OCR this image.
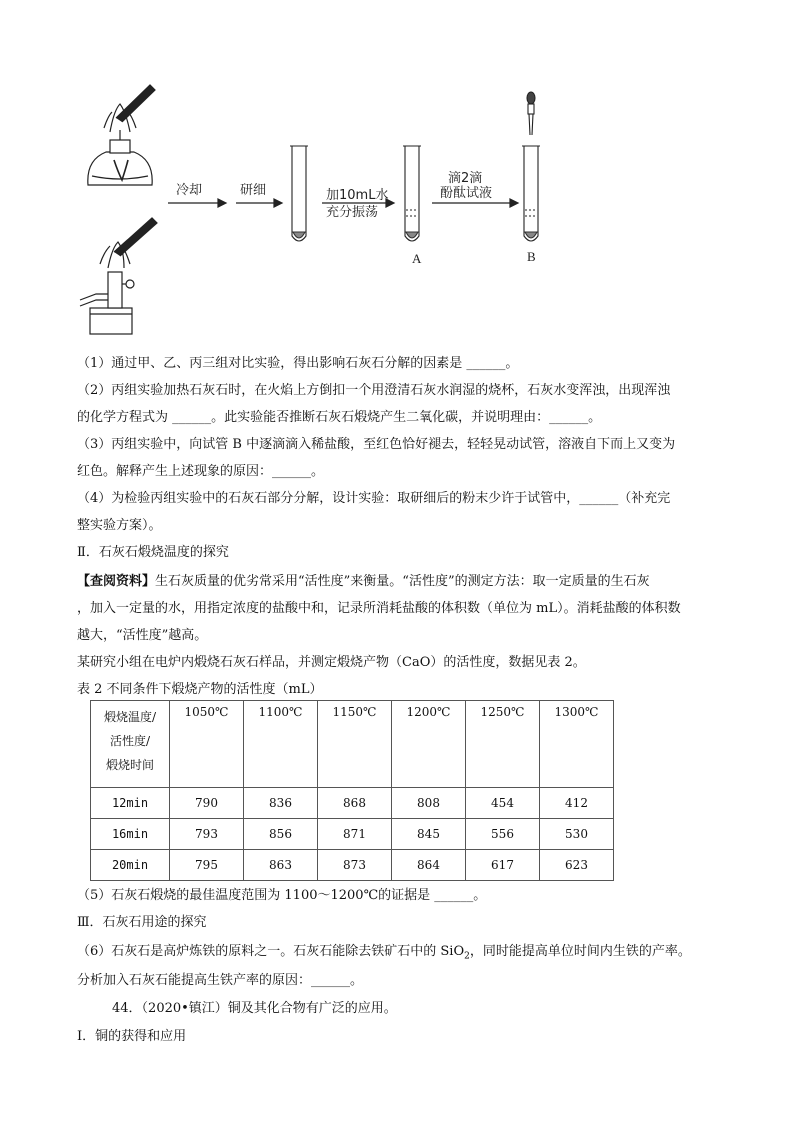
冷却	研细	加10mL水
充分振荡
A
滴2滴
酚酞试液
B
（1）通过甲、乙、丙三组对比实验，得出影响石灰石分解的因素是 ______。
（2）丙组实验加热石灰石时，在火焰上方倒扣一个用澄清石灰水润湿的烧杯，石灰水变浑浊，出现浑浊
的化学方程式为 ______。此实验能否推断石灰石煅烧产生二氧化碳，并说明理由：______。
（3）丙组实验中，向试管 B 中逐滴滴入稀盐酸，至红色恰好褪去，轻轻晃动试管，溶液自下而上又变为
红色。解释产生上述现象的原因：______。
（4）为检验丙组实验中的石灰石部分分解，设计实验：取研细后的粉末少许于试管中，______（补充完
整实验方案）。
Ⅱ．石灰石煅烧温度的探究
【查阅资料】生石灰质量的优劣常采用“活性度”来衡量。“活性度”的测定方法：取一定质量的生石灰
，加入一定量的水，用指定浓度的盐酸中和，记录所消耗盐酸的体积数（单位为 mL）。消耗盐酸的体积数
越大，“活性度”越高。
某研究小组在电炉内煅烧石灰石样品，并测定煅烧产物（CaO）的活性度，数据见表 2。
表 2 不同条件下煅烧产物的活性度（mL）
煅烧温度/
活性度/
煅烧时间	1050℃	1100℃	1150℃	1200℃	1250℃	1300℃
12min	790	836	868	808	454	412
16min	793	856	871	845	556	530
20min	795	863	873	864	617	623
（5）石灰石煅烧的最佳温度范围为 1100～1200℃的证据是 ______。
Ⅲ．石灰石用途的探究
（6）石灰石是高炉炼铁的原料之一。石灰石能除去铁矿石中的 SiO$_2$，同时能提高单位时间内生铁的产率。
分析加入石灰石能提高生铁产率的原因：______。
44．（2020•镇江）铜及其化合物有广泛的应用。
Ⅰ．铜的获得和应用
